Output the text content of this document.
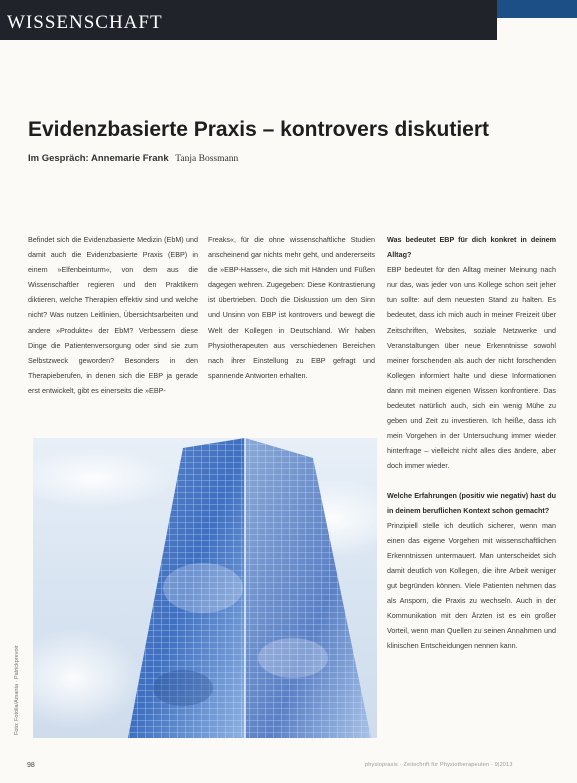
WISSENSCHAFT
Evidenzbasierte Praxis – kontrovers diskutiert
Im Gespräch: Annemarie Frank Tanja Bossmann

Befindet sich die Evidenzbasierte Medizin (EbM) und damit auch die Evidenzbasierte Praxis (EBP) in einem »Elfenbeinturm«, von dem aus die Wissenschaftler regieren und den Praktikern diktieren, welche Therapien effektiv sind und welche nicht? Was nutzen Leitlinien, Übersichtsarbeiten und andere »Produkte« der EbM? Verbessern diese Dinge die Patientenversorgung oder sind sie zum Selbstzweck geworden? Besonders in den Therapieberufen, in denen sich die EBP ja gerade erst entwickelt, gibt es einerseits die »EBP-

Freaks«, für die ohne wissenschaftliche Studien anscheinend gar nichts mehr geht, und andererseits die »EBP-Hasser«, die sich mit Händen und Füßen dagegen wehren. Zugegeben: Diese Kontrastierung ist übertrieben. Doch die Diskussion um den Sinn und Unsinn von EBP ist kontrovers und bewegt die Welt der Kollegen in Deutschland. Wir haben Physiotherapeuten aus verschiedenen Bereichen nach ihrer Einstellung zu EBP gefragt und spannende Antworten erhalten.

Was bedeutet EBP für dich konkret in deinem Alltag?

EBP bedeutet für den Alltag meiner Meinung nach nur das, was jeder von uns Kollege schon seit jeher tun sollte: auf dem neuesten Stand zu halten. Es bedeutet, dass ich mich auch in meiner Freizeit über Zeitschriften, Websites, soziale Netzwerke und Veranstaltungen über neue Erkenntnisse sowohl meiner forschenden als auch der nicht forschenden Kollegen informiert halte und diese Informationen dann mit meinen eigenen Wissen konfrontiere. Das bedeutet natürlich auch, sich ein wenig Mühe zu geben und Zeit zu investieren. Ich heiße, dass ich mein Vorgehen in der Untersuchung immer wieder hinterfrage – vielleicht nicht alles dies ändere, aber doch immer wieder.

Welche Erfahrungen (positiv wie negativ) hast du in deinem beruflichen Kontext schon gemacht?

Prinzipiell stelle ich deutlich sicherer, wenn man einen das eigene Vorgehen mit wissenschaftlichen Erkenntnissen untermauert. Man unterscheidet sich damit deutlich von Kollegen, die ihre Arbeit weniger gut begründen können. Viele Patienten nehmen das als Ansporn, die Praxis zu wechseln. Auch in der Kommunikation mit den Ärzten ist es ein großer Vorteil, wenn man Quellen zu seinen Annahmen und klinischen Entscheidungen nennen kann.

Foto: Fotolia/Amanta · Patrickprevoir
98	physiopraxis · Zeitschrift für Physiotherapeuten · 9|2013
